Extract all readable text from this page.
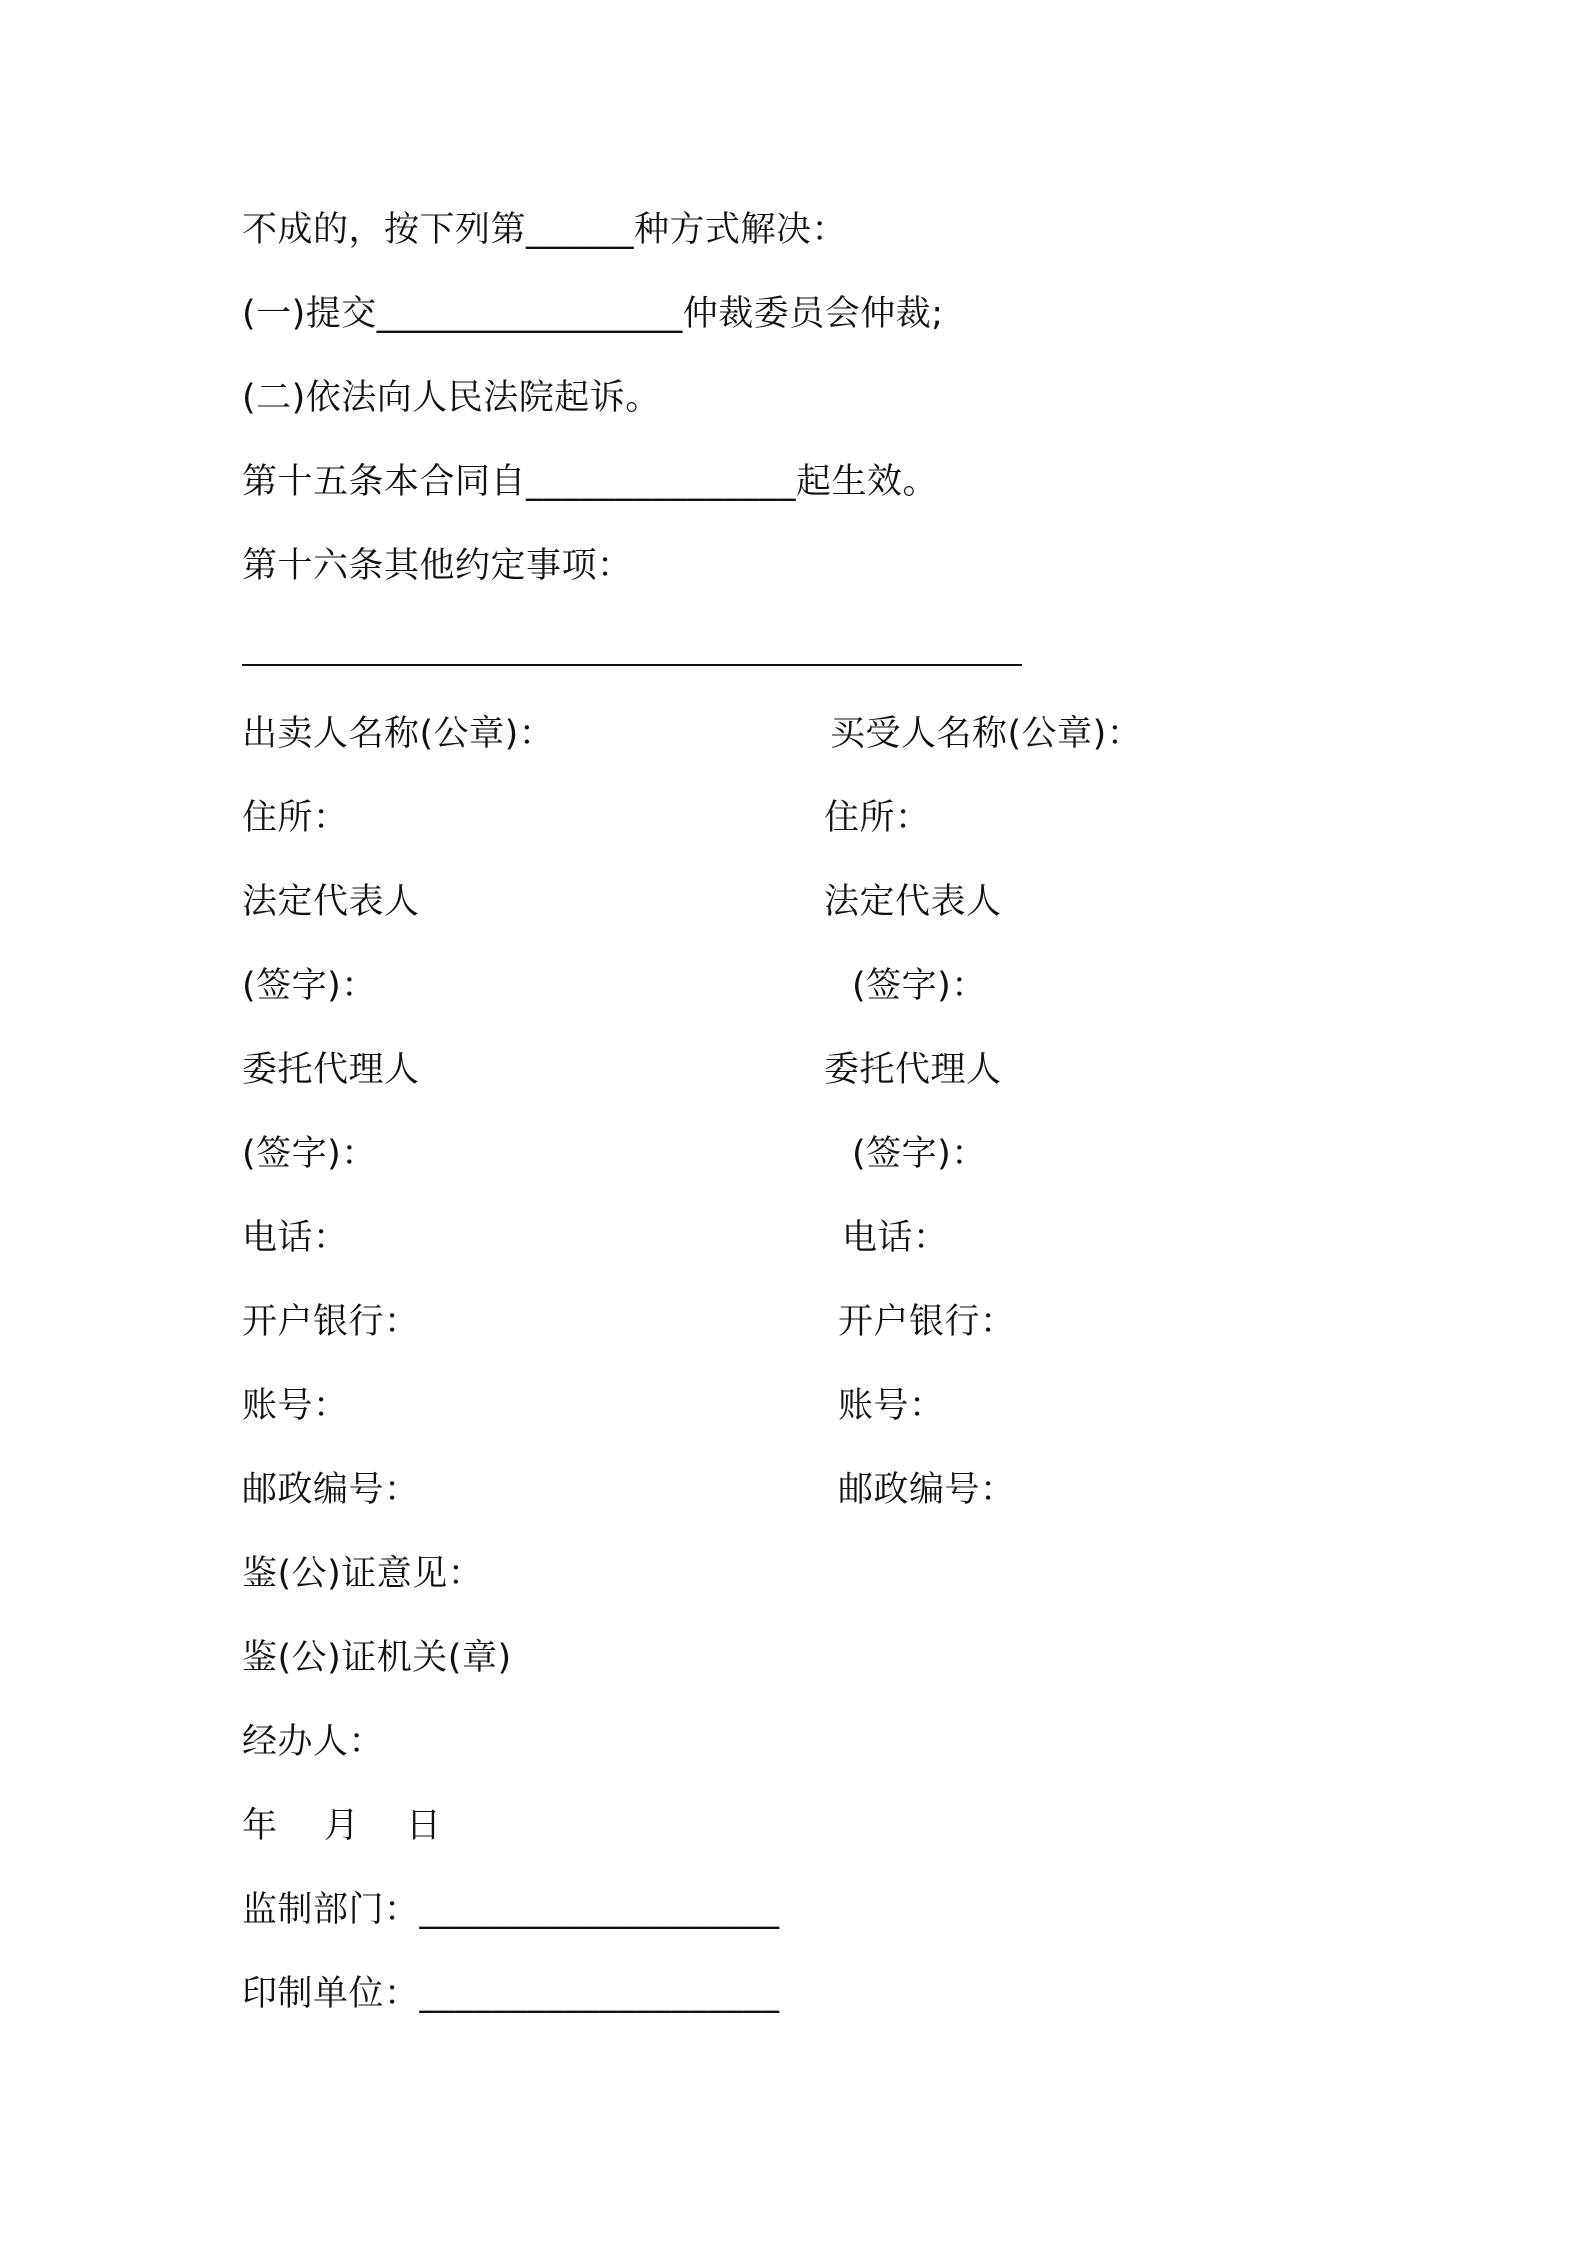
不成的，按下列第______种方式解决：
(一)提交_________________仲裁委员会仲裁;
(二)依法向人民法院起诉。
第十五条本合同自_______________起生效。
第十六条其他约定事项：
出卖人名称(公章)：
住所：
法定代表人
(签字)：
委托代理人
(签字)：
电话：
开户银行：
账号：
邮政编号：
买受人名称(公章)：
住所：
法定代表人
(签字)：
委托代理人
(签字)：
电话：
开户银行：
账号：
邮政编号：
鉴(公)证意见：
鉴(公)证机关(章)
经办人：
年    月    日
监制部门：____________________
印制单位：____________________
